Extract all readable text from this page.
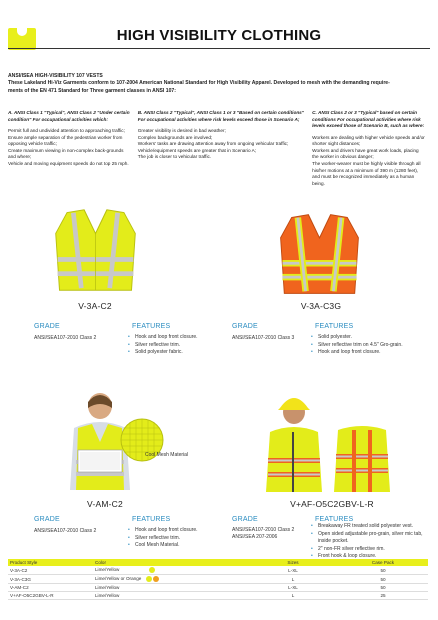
HIGH VISIBILITY CLOTHING
ANSI/ISEA HIGH-VISIBILITY 107 VESTS
These Lakeland Hi-Viz Garments conform to 107-2004 American National Standard for High Visibility Apparel. Developed to mesh with the demanding require-
ments of the EN 471 Standard for Three garment classes in ANSI 107:
A. ANSI Class 1 "Typical", ANSI Class 2 "Under certain condition" For occupational activities which:
Permit full and undivided attention to approaching traffic;
Ensure ample separation of the pedestrian worker from opposing vehicle traffic;
Create maximum viewing in non-complex back-grounds and where;
Vehicle and moving equipment speeds do not top 25 mph.
B. ANSI Class 2 "Typical", ANSI Class 1 or 3 "Based on certain conditions" For occupational activities where risk levels exceed those in Scenario A;
Greater visibility is desired in bad weather;
Complex backgrounds are involved;
Workers' tasks are drawing attention away from ongoing vehicular traffic;
Vehicle/equipment speeds are greater that in Scenario A;
The job is closer to vehicular traffic.
C. ANSI Class 2 or 3 "Typical" based on certain conditions For occupational activities where risk levels exceed those of Scenario B, such as where:
Workers are dealing with higher vehicle speeds and/or shorter sight distances;
Workers and drivers have great work loads, placing the worker in obvious danger;
The worker-wearer must be highly visible through all his/her motions at a minimum of 390 m (1280 feet), and must be recognized immediately as a human being.
V-3A-C2
GRADE
ANSI/SEA107-2010 Class 2
FEATURES
• Hook and loop front closure.
• Silver reflective trim.
• Solid polyester fabric.
V-3A-C3G
GRADE
ANSI/SEA107-2010 Class 3
FEATURES
• Solid polyester.
• Silver reflective trim on 4.5" Gro-grain.
• Hook and loop front closure.
Cool Mesh Material
V-AM-C2
GRADE
ANSI/SEA107-2010 Class 2
FEATURES
• Hook and loop front closure.
• Silver reflective trim.
• Cool Mesh Material.
V+AF-O5C2GBV-L-R
GRADE
ANSI/SEA107-2010 Class 2
ANSI/SEA 207-2006
FEATURES
• Breakaway FR treated solid polyester vest.
• Open sided adjustable pro-grain, silver mic tab, inside pocket.
• 2" non-FR silver reflective rim.
• Front hook & loop closure.
Product Style	Color	Sizes	Case Pack
V-3A-C2	Lime/Yellow	L-XL	50
V-3A-C3G	Lime/Yellow or Orange	L	50
V-AM-C2	Lime/Yellow	L-XL	50
V+AF-O5C2GBV-L-R	Lime/Yellow	L	25
